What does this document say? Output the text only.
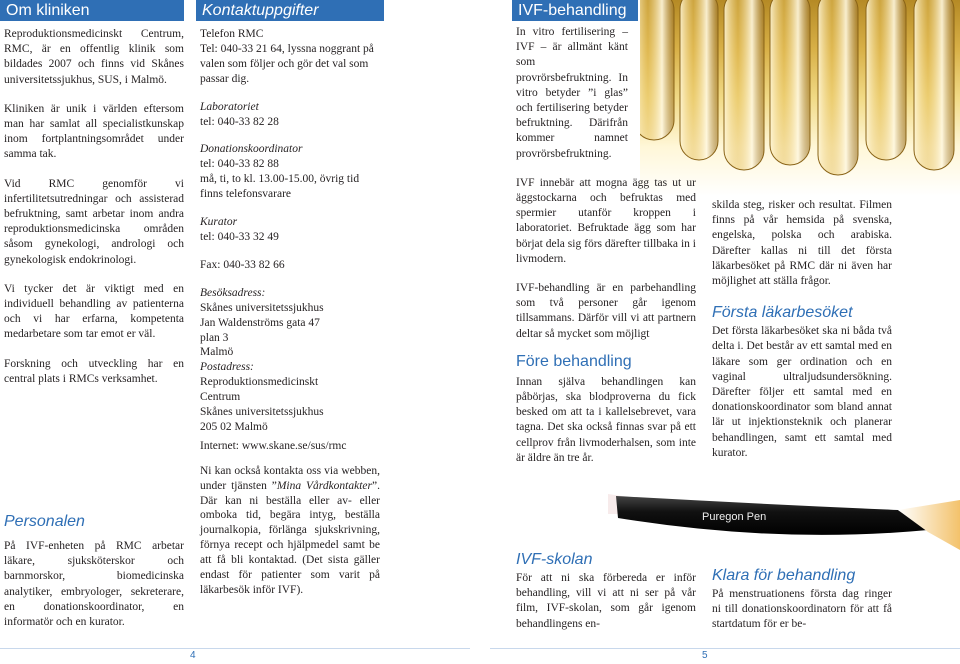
Om kliniken

Reproduktionsmedicinskt Centrum, RMC, är en offentlig klinik som bildades 2007 och finns vid Skånes universitetssjukhus, SUS, i Malmö.

Kliniken är unik i världen eftersom man har samlat all specialistkunskap inom fortplantningsområdet under samma tak.

Vid RMC genomför vi infertilitetsutredningar och assisterad befruktning, samt arbetar inom andra reproduktionsmedicinska områden såsom gynekologi, andrologi och gynekologisk endokrinologi.

Vi tycker det är viktigt med en individuell behandling av patienterna och vi har erfarna, kompetenta medarbetare som tar emot er väl.

Forskning och utveckling har en central plats i RMCs verksamhet.

Personalen

På IVF-enheten på RMC arbetar läkare, sjuksköterskor och barnmorskor, biomedicinska analytiker, embryologer, sekreterare, en donationskoordinator, en informatör och en kurator.

Kontaktuppgifter

Telefon RMC

Tel: 040-33 21 64, lyssna noggrant på valen som följer och gör det val som passar dig.

Laboratoriet

tel: 040-33 82 28

Donationskoordinator

tel: 040-33 82 88

må, ti, to kl. 13.00-15.00, övrig tid finns telefonsvarare

Kurator

tel: 040-33 32 49

Fax: 040-33 82 66

Besöksadress:

Skånes universitetssjukhus

Jan Waldenströms gata 47

plan 3

Malmö

Postadress:

Reproduktionsmedicinskt

Centrum

Skånes universitetssjukhus

205 02 Malmö

Internet: www.skane.se/sus/rmc

Ni kan också kontakta oss via webben, under tjänsten ”Mina Vårdkontakter”. Där kan ni beställa eller av- eller omboka tid, begära intyg, beställa journalkopia, förlänga sjukskrivning, förnya recept och hjälpmedel samt be att få bli kontaktad. (Det sista gäller endast för patienter som varit på läkarbesök inför IVF).

IVF-behandling

In vitro fertilisering – IVF – är allmänt känt som provrörsbefruktning. In vitro betyder ”i glas” och fertilisering betyder befruktning. Därifrån kommer namnet provrörsbefruktning.

IVF innebär att mogna ägg tas ut ur äggstockarna och befruktas med spermier utanför kroppen i laboratoriet. Befruktade ägg som har börjat dela sig förs därefter tillbaka in i livmodern.

IVF-behandling är en parbehandling som två personer går igenom tillsammans. Därför vill vi att partnern deltar så mycket som möjligt

Före behandling

Innan själva behandlingen kan påbörjas, ska blodproverna du fick besked om att ta i kallelsebrevet, vara tagna. Det ska också finnas svar på ett cellprov från livmoderhalsen, som inte är äldre än tre år.

IVF-skolan

För att ni ska förbereda er inför behandling, vill vi att ni ser på vår film, IVF-skolan, som går igenom behandlingens en-

skilda steg, risker och resultat. Filmen finns på vår hemsida på svenska, engelska, polska och arabiska. Därefter kallas ni till det första läkarbesöket på RMC där ni även har möjlighet att ställa frågor.

Första läkarbesöket

Det första läkarbesöket ska ni båda två delta i. Det består av ett samtal med en läkare som ger ordination och en vaginal ultraljudsundersökning. Därefter följer ett samtal med en donationskoordinator som bland annat lär ut injektionsteknik och planerar behandlingen, samt ett samtal med kurator.

Klara för behandling

På menstruationens första dag ringer ni till donationskoordinatorn för att få startdatum för er be-

Puregon Pen
4	5
